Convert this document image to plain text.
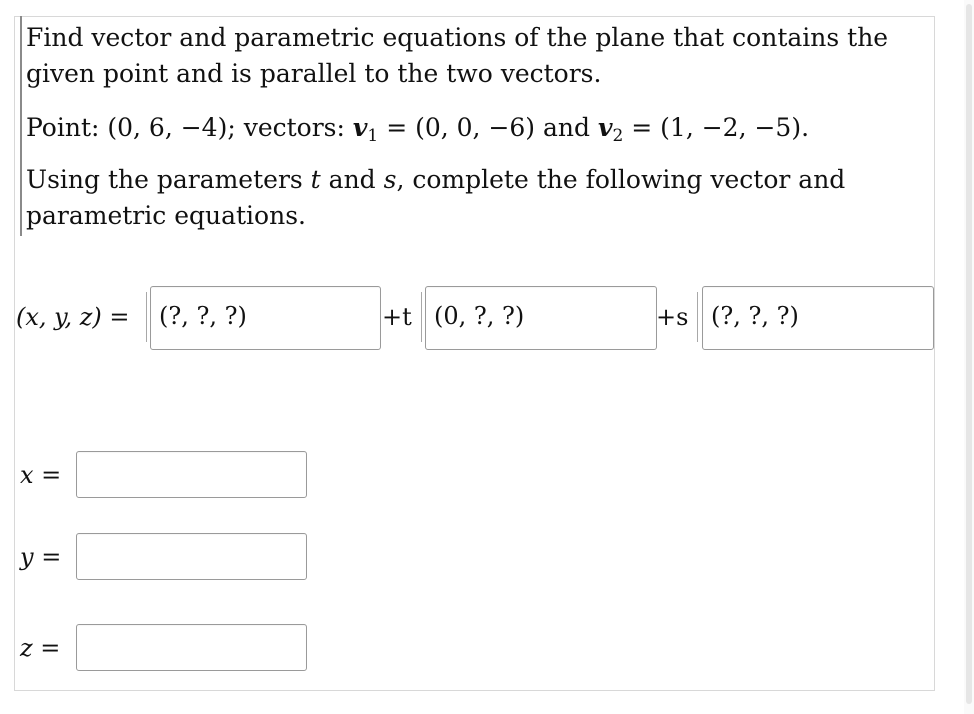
Find vector and parametric equations of the plane that contains the
given point and is parallel to the two vectors.

Point: (0, 6, −4); vectors: $v_1 = (0$, 0, −6) and $v_2 = (1$, −2, −5).

Using the parameters t and s, complete the following vector and
parametric equations.

(x, y, z) = (?, ?, ?)	+t (0, ?, ?)	+s (?, ?, ?)
x =
y =
z =
